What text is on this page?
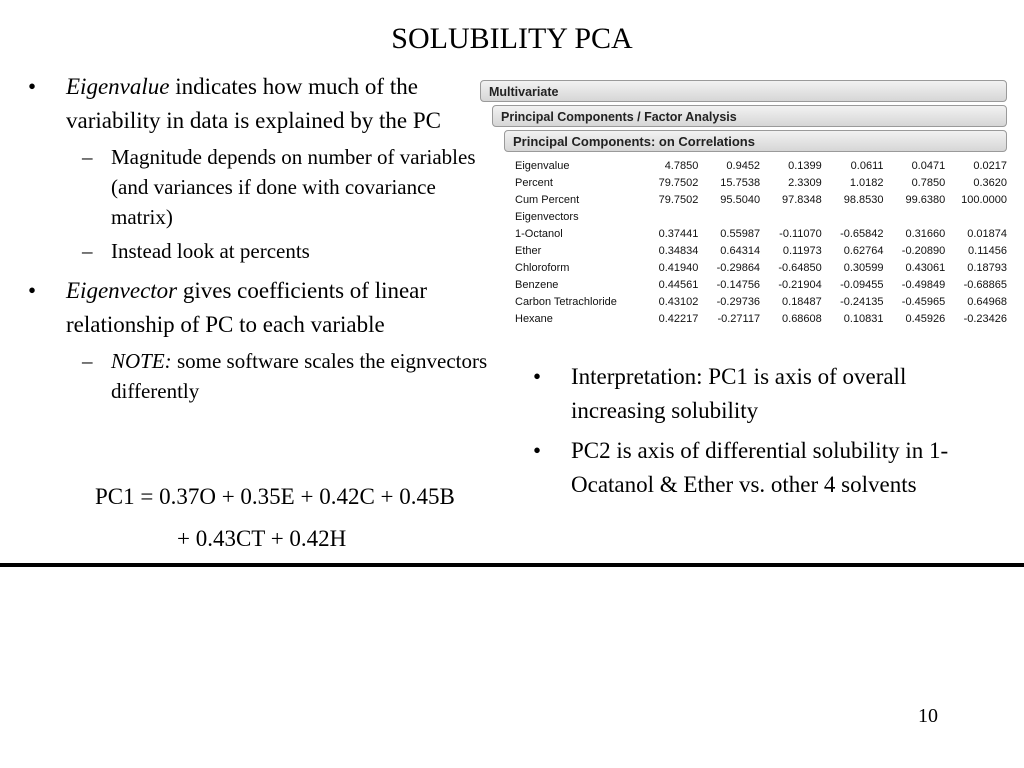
SOLUBILITY PCA
• Eigenvalue indicates how much of the variability in data is explained by the PC
– Magnitude depends on number of variables (and variances if done with covariance matrix)
– Instead look at percents
• Eigenvector gives coefficients of linear relationship of PC to each variable
– NOTE: some software scales the eignvectors differently
PC1 = 0.37O + 0.35E + 0.42C + 0.45B
+ 0.43CT + 0.42H
Multivariate
Principal Components / Factor Analysis
Principal Components: on Correlations
Eigenvalue	4.7850	0.9452	0.1399	0.0611	0.0471	0.0217
Percent	79.7502	15.7538	2.3309	1.0182	0.7850	0.3620
Cum Percent	79.7502	95.5040	97.8348	98.8530	99.6380	100.0000
Eigenvectors						
1-Octanol	0.37441	0.55987	-0.11070	-0.65842	0.31660	0.01874
Ether	0.34834	0.64314	0.11973	0.62764	-0.20890	0.11456
Chloroform	0.41940	-0.29864	-0.64850	0.30599	0.43061	0.18793
Benzene	0.44561	-0.14756	-0.21904	-0.09455	-0.49849	-0.68865
Carbon Tetrachloride	0.43102	-0.29736	0.18487	-0.24135	-0.45965	0.64968
Hexane	0.42217	-0.27117	0.68608	0.10831	0.45926	-0.23426
• Interpretation: PC1 is axis of overall increasing solubility
• PC2 is axis of differential solubility in 1-Ocatanol & Ether vs. other 4 solvents
10
